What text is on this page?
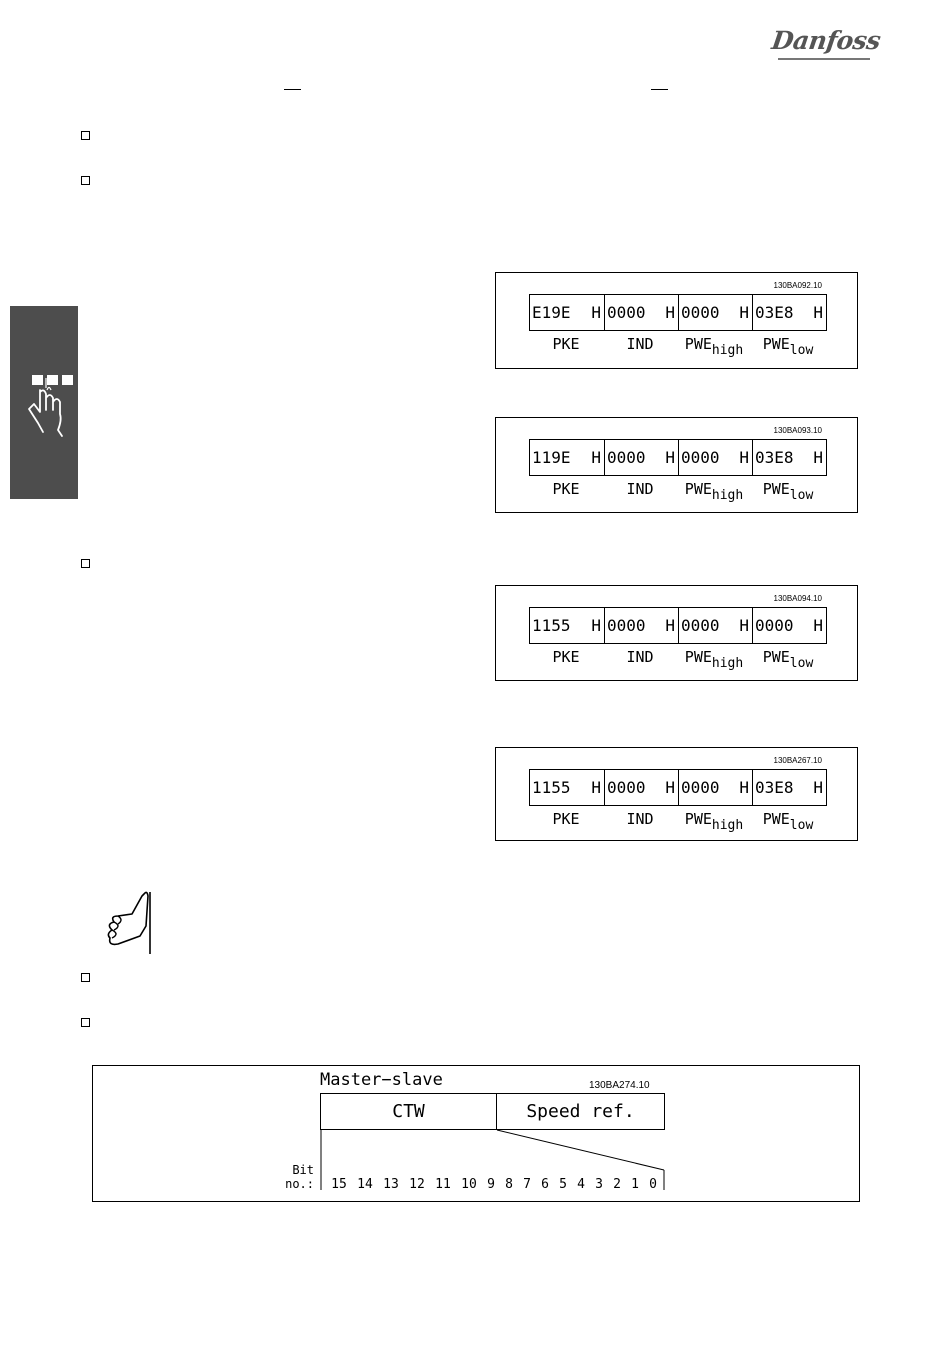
Danfoss
130BA092.10
E19E H 0000 H 0000 H 03E8 H
PKE	IND	$PWE_{high}$	$PWE_{low}$
130BA093.10
119E H 0000 H 0000 H 03E8 H
PKE	IND	$PWE_{high}$	$PWE_{low}$
130BA094.10
1155 H 0000 H 0000 H 0000 H
PKE	IND	$PWE_{high}$	$PWE_{low}$
130BA267.10
1155 H 0000 H 0000 H 03E8 H
PKE	IND	$PWE_{high}$	$PWE_{low}$
Master−slave	130BA274.10
CTW	Speed ref.
Bit
no.:	15 14 13 12 11 10 9 8 7 6 5 4 3 2 1 0
